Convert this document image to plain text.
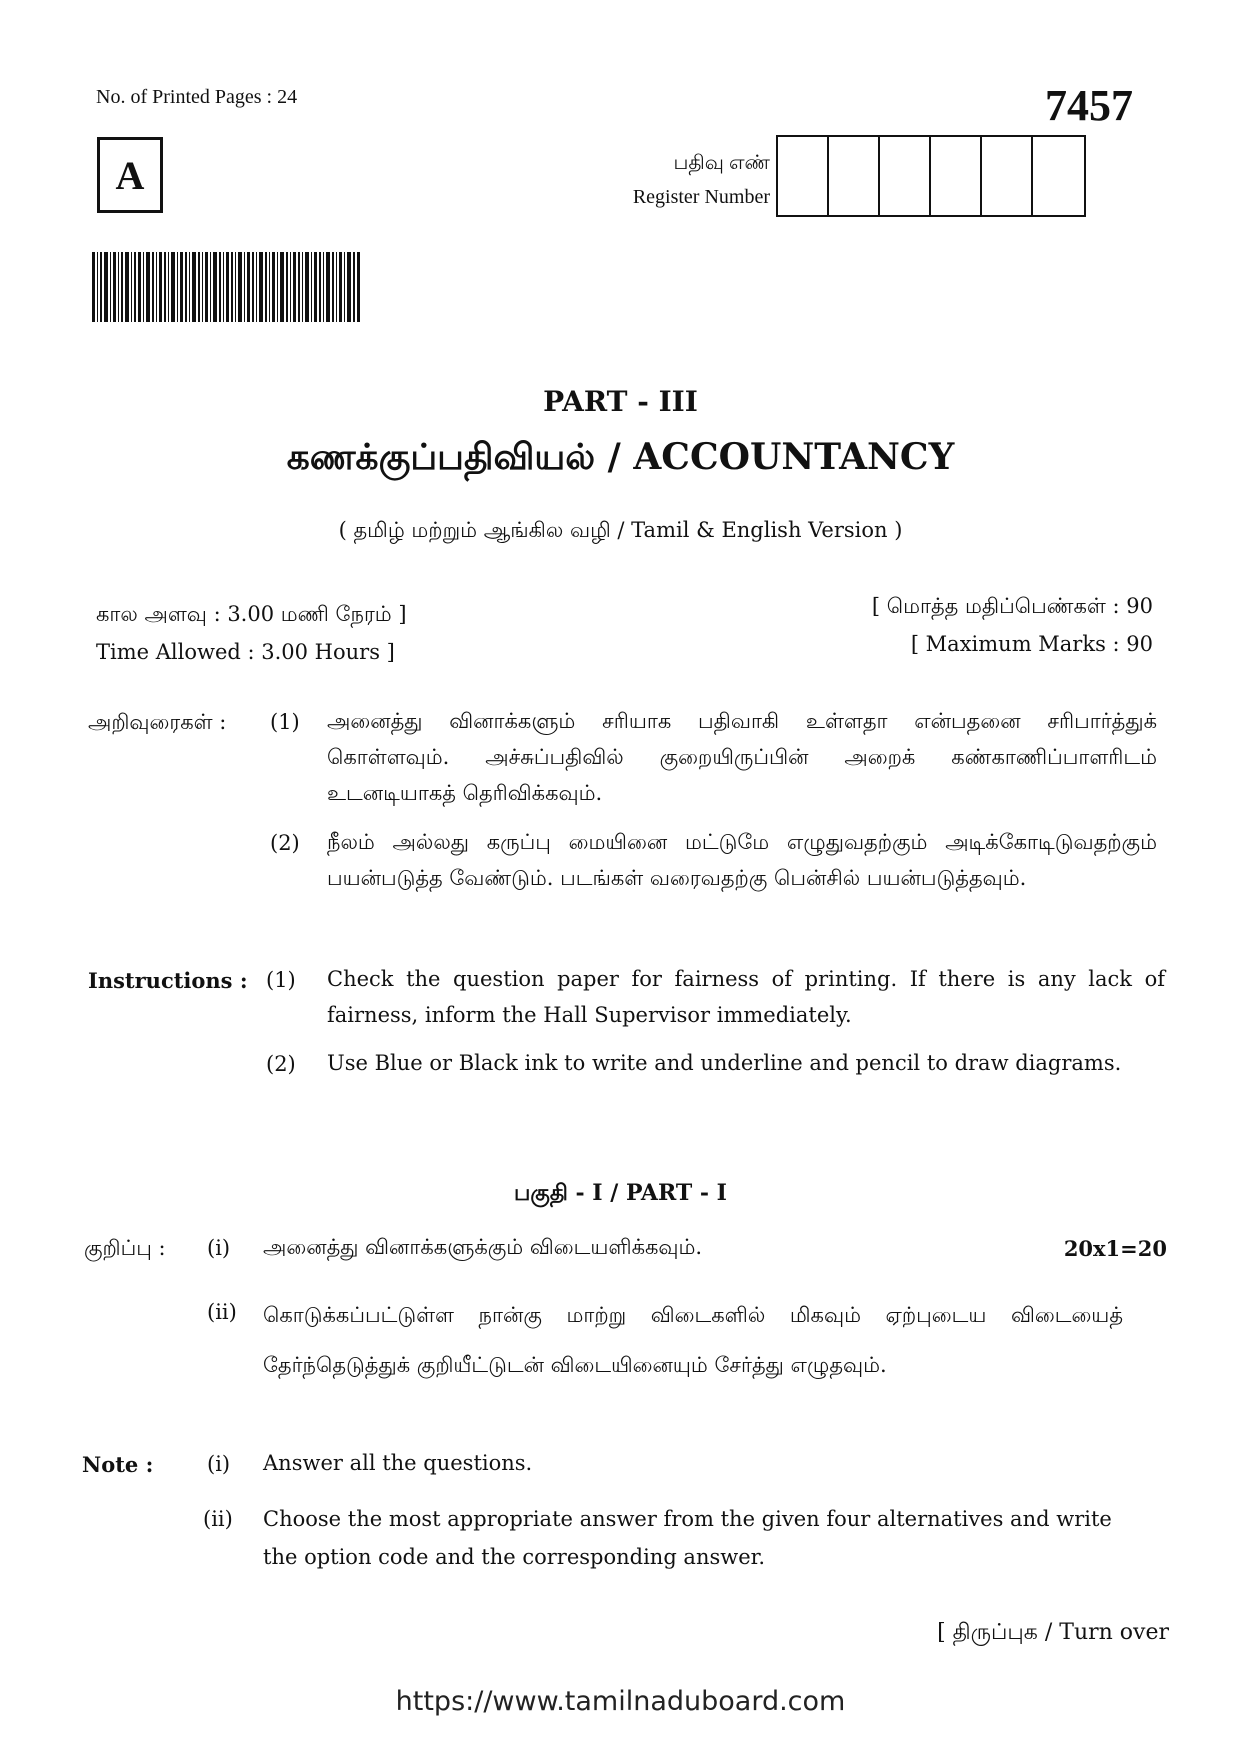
No. of Printed Pages : 24	7457
A	பதிவு எண்
Register Number
PART - III
கணக்குப்பதிவியல் / ACCOUNTANCY
( தமிழ் மற்றும் ஆங்கில வழி / Tamil & English Version )
கால அளவு : 3.00 மணி நேரம் ]
Time Allowed : 3.00 Hours ]
[ மொத்த மதிப்பெண்கள் : 90
[ Maximum Marks : 90
அறிவுரைகள் : (1) அனைத்து வினாக்களும் சரியாக பதிவாகி உள்ளதா என்பதனை சரிபார்த்துக் கொள்ளவும். அச்சுப்பதிவில் குறையிருப்பின் அறைக் கண்காணிப்பாளரிடம் உடனடியாகத் தெரிவிக்கவும்.
(2) நீலம் அல்லது கருப்பு மையினை மட்டுமே எழுதுவதற்கும் அடிக்கோடிடுவதற்கும் பயன்படுத்த வேண்டும். படங்கள் வரைவதற்கு பென்சில் பயன்படுத்தவும்.
Instructions : (1) Check the question paper for fairness of printing. If there is any lack of fairness, inform the Hall Supervisor immediately.
(2) Use Blue or Black ink to write and underline and pencil to draw diagrams.
பகுதி - I / PART - I
குறிப்பு : (i) அனைத்து வினாக்களுக்கும் விடையளிக்கவும்.	20x1=20
(ii) கொடுக்கப்பட்டுள்ள நான்கு மாற்று விடைகளில் மிகவும் ஏற்புடைய விடையைத் தேர்ந்தெடுத்துக் குறியீட்டுடன் விடையினையும் சேர்த்து எழுதவும்.
Note :	(i) Answer all the questions.
(ii) Choose the most appropriate answer from the given four alternatives and write the option code and the corresponding answer.
[ திருப்புக / Turn over
https://www.tamilnaduboard.com
